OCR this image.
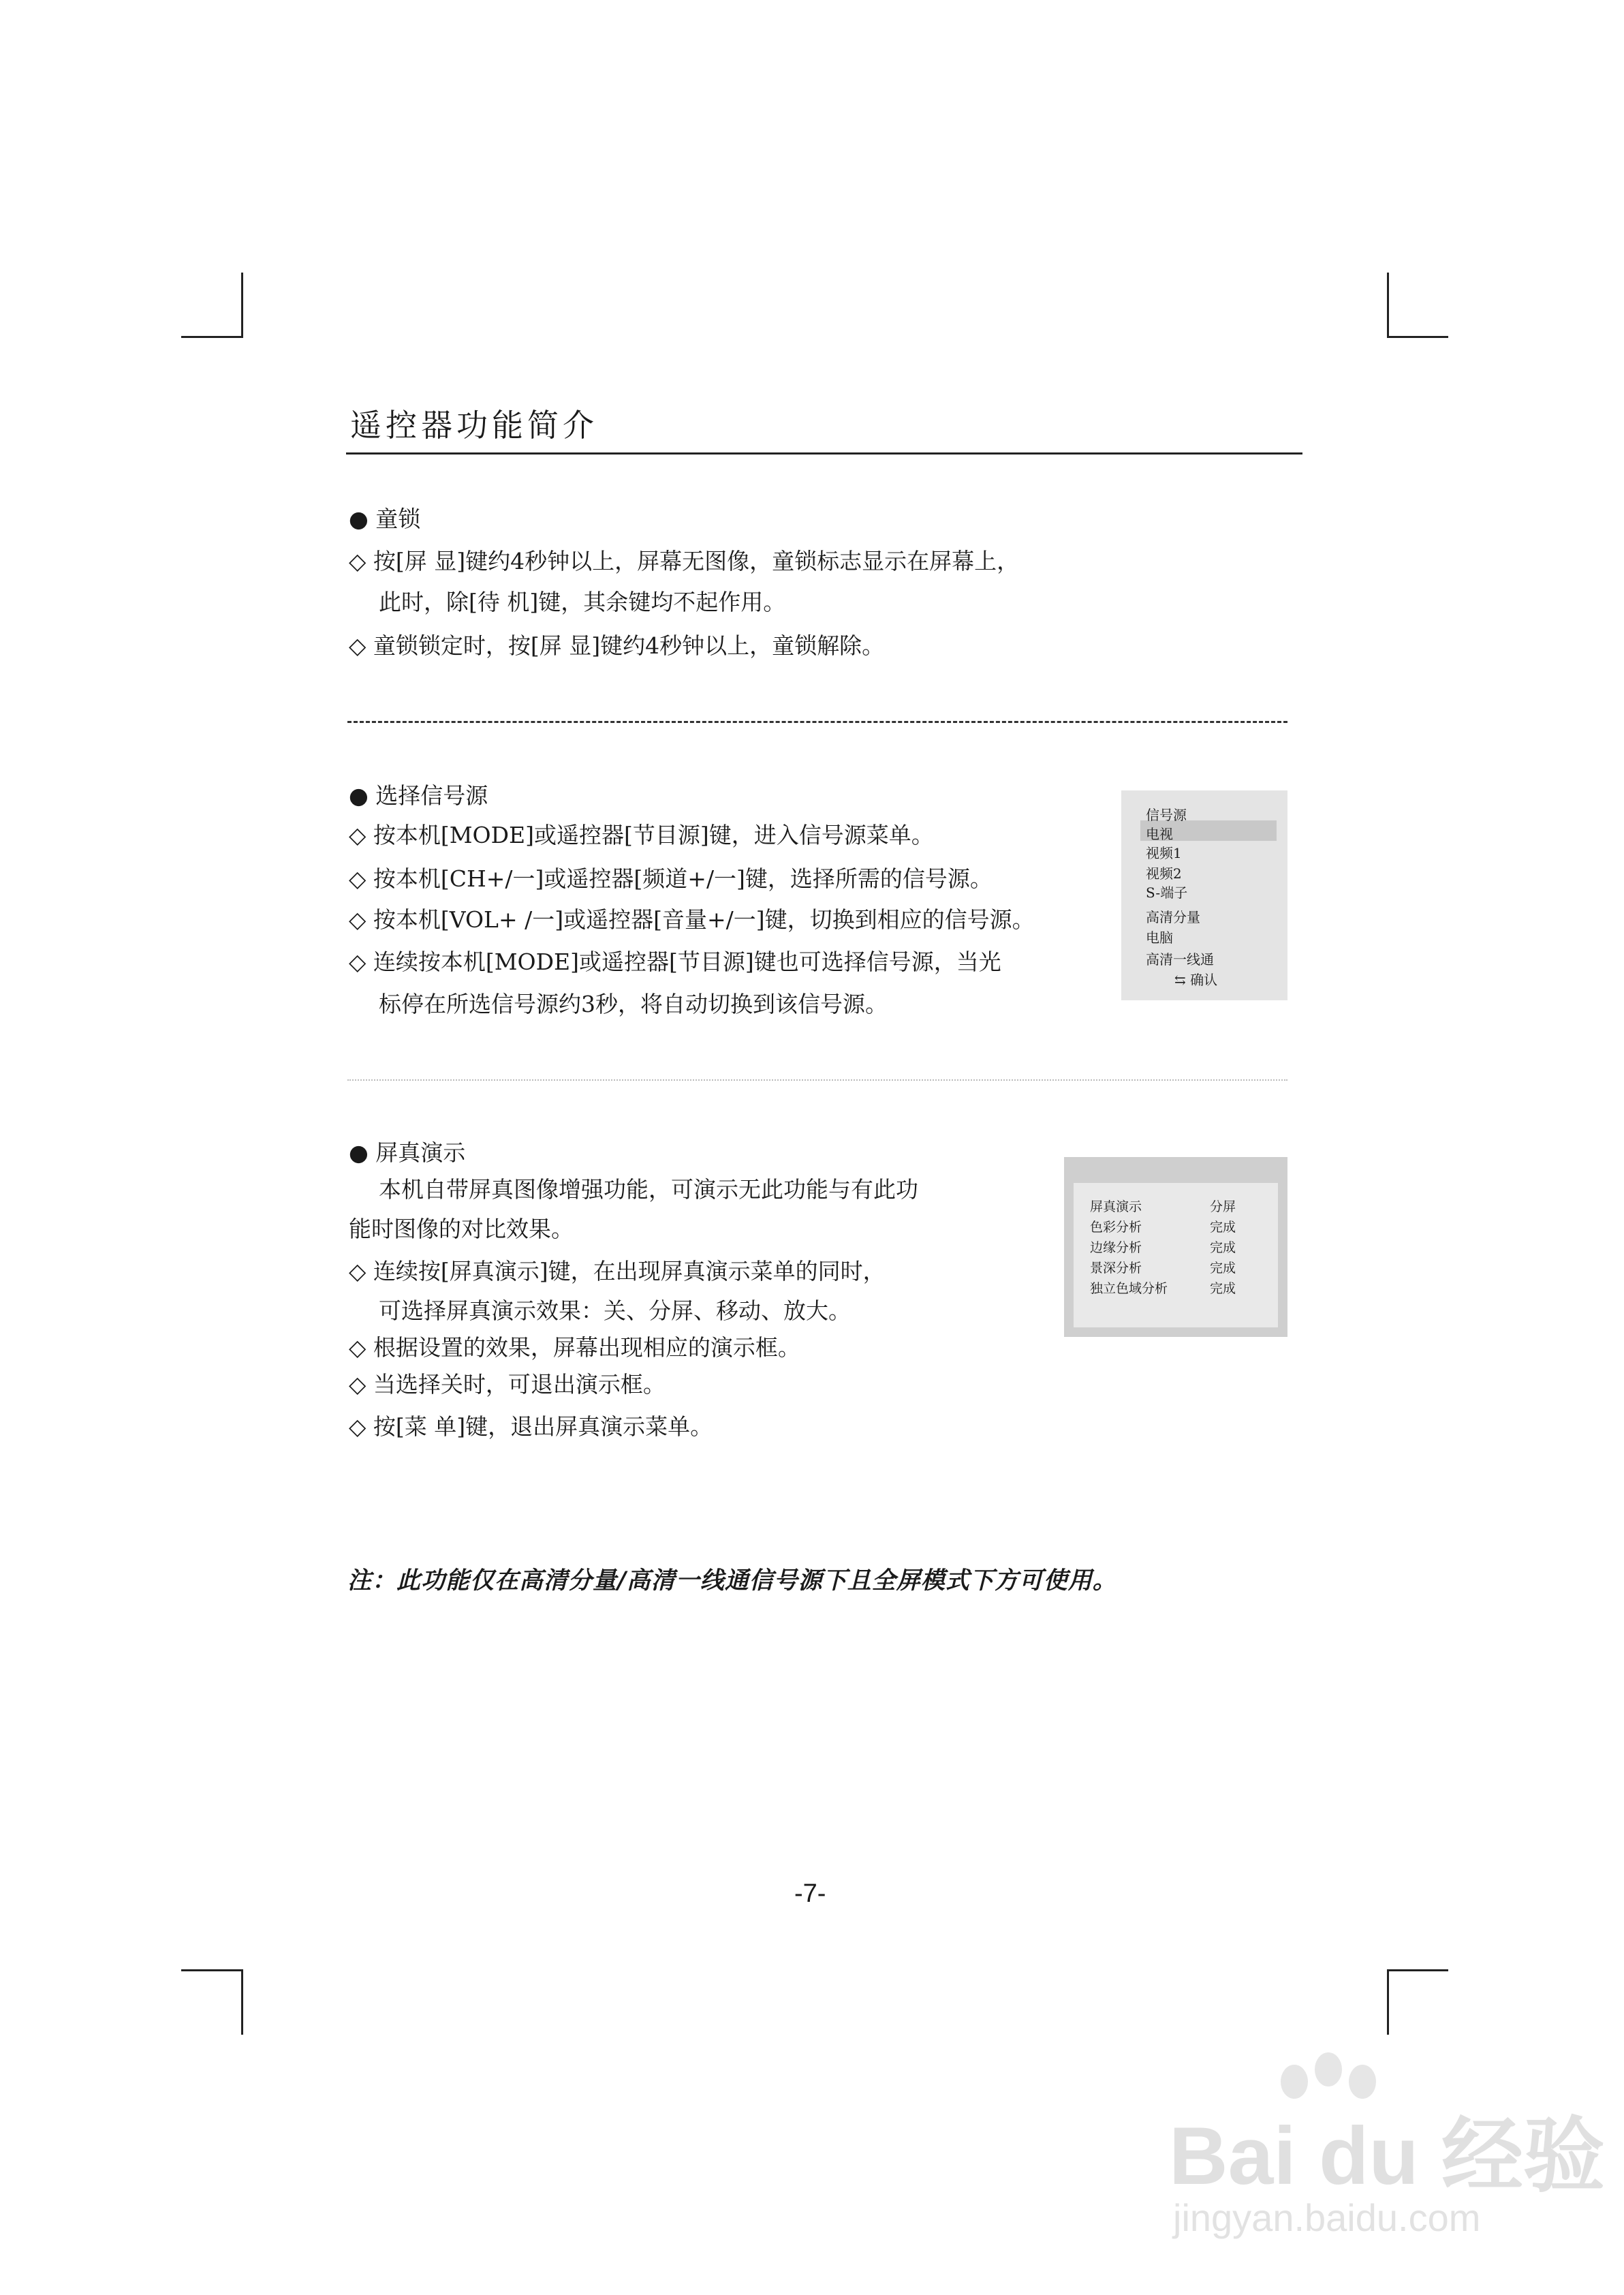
遥控器功能简介
● 童锁
◇ 按[屏 显]键约4秒钟以上，屏幕无图像，童锁标志显示在屏幕上，
此时，除[待 机]键，其余键均不起作用。
◇ 童锁锁定时，按[屏 显]键约4秒钟以上，童锁解除。
● 选择信号源
◇ 按本机[MODE]或遥控器[节目源]键，进入信号源菜单。
◇ 按本机[CH+/一]或遥控器[频道+/一]键，选择所需的信号源。
◇ 按本机[VOL+ /一]或遥控器[音量+/一]键，切换到相应的信号源。
◇ 连续按本机[MODE]或遥控器[节目源]键也可选择信号源，当光
标停在所选信号源约3秒，将自动切换到该信号源。
信号源
电视
视频1
视频2
S-端子
高清分量
电脑
高清一线通
⇆ 确认
● 屏真演示
本机自带屏真图像增强功能，可演示无此功能与有此功
能时图像的对比效果。
◇ 连续按[屏真演示]键，在出现屏真演示菜单的同时，
可选择屏真演示效果：关、分屏、移动、放大。
◇ 根据设置的效果，屏幕出现相应的演示框。
◇ 当选择关时，可退出演示框。
◇ 按[菜 单]键，退出屏真演示菜单。
屏真演示	分屏
色彩分析	完成
边缘分析	完成
景深分析	完成
独立色域分析	完成
注：此功能仅在高清分量/高清一线通信号源下且全屏模式下方可使用。
-7-
Bai du 经验
jingyan.baidu.com
